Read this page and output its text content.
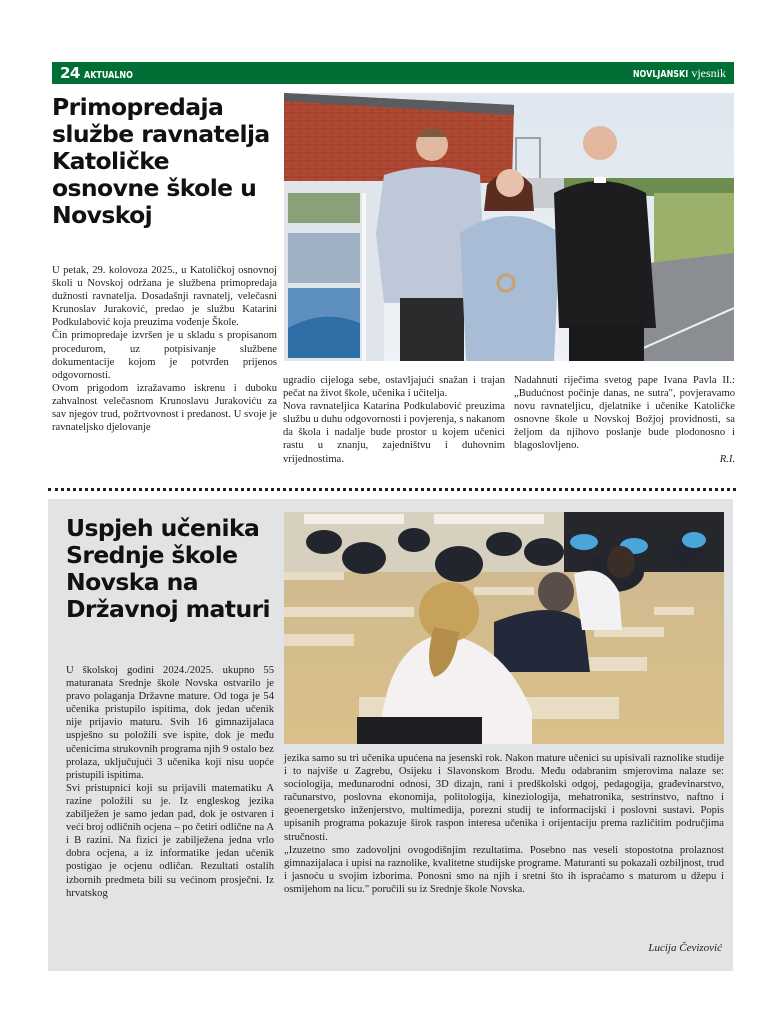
24 AKTUALNO	NOVLJANSKI vjesnik
Primopredaja službe ravnatelja Katoličke osnovne škole u Novskoj

U petak, 29. kolovoza 2025., u Katoličkoj osnovnoj školi u Novskoj održana je službena primopredaja dužnosti ravnatelja. Dosadašnji ravnatelj, velečasni Krunoslav Juraković, predao je službu Katarini Podkulabović koja preuzima vođenje Škole.

Čin primopredaje izvršen je u skladu s propisanom procedurom, uz potpisivanje službene dokumentacije kojom je potvrđen prijenos odgovornosti.

Ovom prigodom izražavamo iskrenu i duboku zahvalnost velečasnom Krunoslavu Jurakoviću za sav njegov trud, požrtvovnost i predanost. U svoje je ravnateljsko djelovanje

ugradio cijeloga sebe, ostavljajući snažan i trajan pečat na život škole, učenika i učitelja.

Nova ravnateljica Katarina Podkulabović preuzima službu u duhu odgovornosti i povjerenja, s nakanom da škola i nadalje bude prostor u kojem učenici rastu u znanju, zajedništvu i duhovnim vrijednostima.

Nadahnuti riječima svetog pape Ivana Pavla II.: „Budućnost počinje danas, ne sutra", povjeravamo novu ravnateljicu, djelatnike i učenike Katoličke osnovne škole u Novskoj Božjoj providnosti, sa željom da njihovo poslanje bude plodonosno i blagoslovljeno.

R.I.

Uspjeh učenika Srednje škole Novska na Državnoj maturi

U školskoj godini 2024./2025. ukupno 55 maturanata Srednje škole Novska ostvarilo je pravo polaganja Državne mature. Od toga je 54 učenika pristupilo ispitima, dok jedan učenik nije prijavio maturu. Svih 16 gimnazijalaca uspješno su položili sve ispite, dok je među učenicima strukovnih programa njih 9 ostalo bez prolaza, uključujući 3 učenika koji nisu uopće pristupili ispitima.

Svi pristupnici koji su prijavili matematiku A razine položili su je. Iz engleskog jezika zabilježen je samo jedan pad, dok je ostvaren i veći broj odličnih ocjena – po četiri odlične na A i B razini. Na fizici je zabilježena jedna vrlo dobra ocjena, a iz informatike jedan učenik postigao je ocjenu odličan. Rezultati ostalih izbornih predmeta bili su većinom prosječni. Iz hrvatskog

jezika samo su tri učenika upućena na jesenski rok. Nakon mature učenici su upisivali raznolike studije i to najviše u Zagrebu, Osijeku i Slavonskom Brodu. Među odabranim smjerovima nalaze se: sociologija, međunarodni odnosi, 3D dizajn, rani i predškolski odgoj, pedagogija, građevinarstvo, računarstvo, poslovna ekonomija, politologija, kineziologija, mehatronika, sestrinstvo, naftno i geoenergetsko inženjerstvo, multimedija, porezni studij te informacijski i poslovni sustavi. Popis upisanih programa pokazuje širok raspon interesa učenika i orijentaciju prema različitim područjima stručnosti.

„Izuzetno smo zadovoljni ovogodišnjim rezultatima. Posebno nas veseli stopostotna prolaznost gimnazijalaca i upisi na raznolike, kvalitetne studijske programe. Maturanti su pokazali ozbiljnost, trud i jasnoću u svojim izborima. Ponosni smo na njih i sretni što ih ispraćamo s maturom u džepu i osmijehom na licu." poručili su iz Srednje škole Novska.

Lucija Čevizović
